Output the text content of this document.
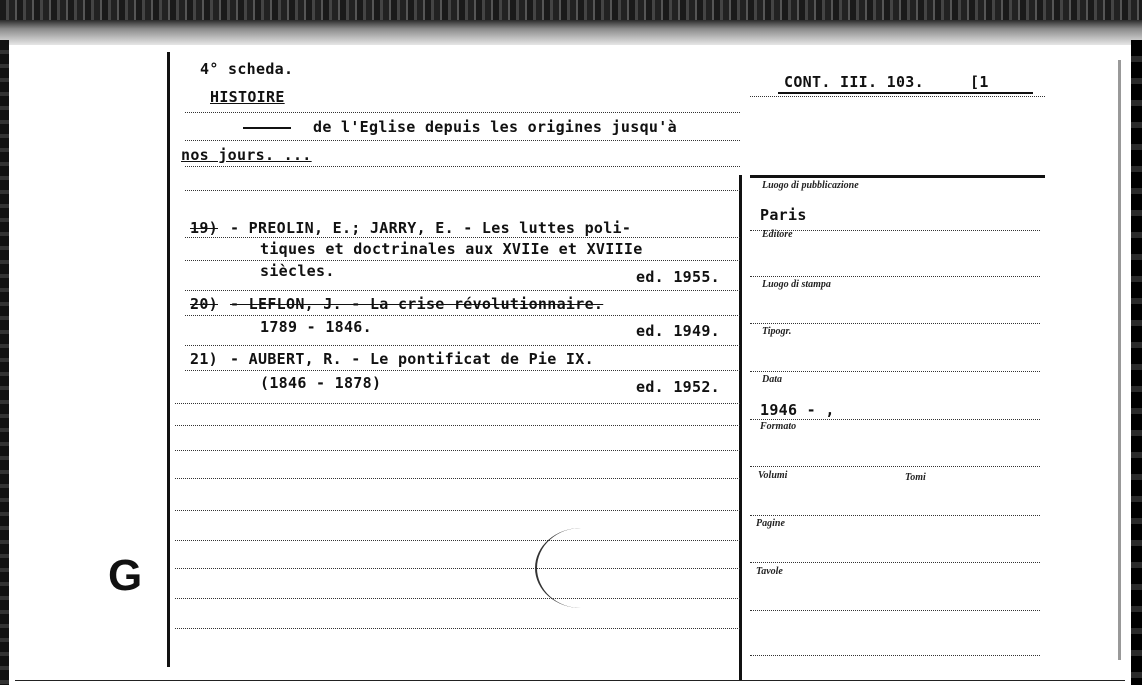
4° scheda.
CONT. III. 103.	[1
HISTOIRE
de l'Eglise depuis les origines jusqu'à
nos jours. ...
19) - PREOLIN, E.; JARRY, E. - Les luttes poli-
tiques et doctrinales aux XVIIe et XVIIIe
siècles.	ed. 1955.
20) - LEFLON, J. - La crise révolutionnaire.
1789 - 1846.	ed. 1949.
21) - AUBERT, R. - Le pontificat de Pie IX.
(1846 - 1878)	ed. 1952.
Luogo di pubblicazione
Paris
Editore
Luogo di stampa
Tipogr.
Data
1946 - ,
Formato
Volumi	Tomi
Pagine
Tavole
G
